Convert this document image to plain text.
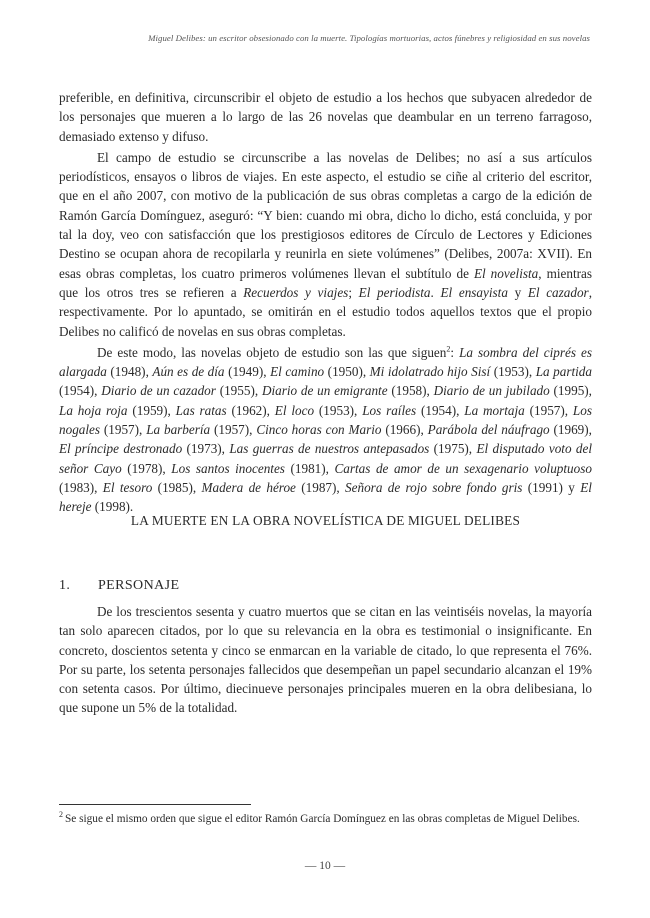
Miguel Delibes: un escritor obsesionado con la muerte. Tipologías mortuorias, actos fúnebres y religiosidad en sus novelas

preferible, en definitiva, circunscribir el objeto de estudio a los hechos que subyacen alrededor de los personajes que mueren a lo largo de las 26 novelas que deambular en un terreno farragoso, demasiado extenso y difuso.

El campo de estudio se circunscribe a las novelas de Delibes; no así a sus artículos periodísticos, ensayos o libros de viajes. En este aspecto, el estudio se ciñe al criterio del escritor, que en el año 2007, con motivo de la publicación de sus obras completas a cargo de la edición de Ramón García Domínguez, aseguró: “Y bien: cuando mi obra, dicho lo dicho, está concluida, y por tal la doy, veo con satisfacción que los prestigiosos editores de Círculo de Lectores y Ediciones Destino se ocupan ahora de recopilarla y reunirla en siete volúmenes” (Delibes, 2007a: XVII). En esas obras completas, los cuatro primeros volúmenes llevan el subtítulo de El novelista, mientras que los otros tres se refieren a Recuerdos y viajes; El periodista. El ensayista y El cazador, respectivamente. Por lo apuntado, se omitirán en el estudio todos aquellos textos que el propio Delibes no calificó de novelas en sus obras completas.

De este modo, las novelas objeto de estudio son las que siguen$^2$: La sombra del ciprés es alargada (1948), Aún es de día (1949), El camino (1950), Mi idolatrado hijo Sisí (1953), La partida (1954), Diario de un cazador (1955), Diario de un emigrante (1958), Diario de un jubilado (1995), La hoja roja (1959), Las ratas (1962), El loco (1953), Los raíles (1954), La mortaja (1957), Los nogales (1957), La barbería (1957), Cinco horas con Mario (1966), Parábola del náufrago (1969), El príncipe destronado (1973), Las guerras de nuestros antepasados (1975), El disputado voto del señor Cayo (1978), Los santos inocentes (1981), Cartas de amor de un sexagenario voluptuoso (1983), El tesoro (1985), Madera de héroe (1987), Señora de rojo sobre fondo gris (1991) y El hereje (1998).

LA MUERTE EN LA OBRA NOVELÍSTICA DE MIGUEL DELIBES
1. PERSONAJE

De los trescientos sesenta y cuatro muertos que se citan en las veintiséis novelas, la mayoría tan solo aparecen citados, por lo que su relevancia en la obra es testimonial o insignificante. En concreto, doscientos setenta y cinco se enmarcan en la variable de citado, lo que representa el 76%. Por su parte, los setenta personajes fallecidos que desempeñan un papel secundario alcanzan el 19% con setenta casos. Por último, diecinueve personajes principales mueren en la obra delibesiana, lo que supone un 5% de la totalidad.

$^2$ Se sigue el mismo orden que sigue el editor Ramón García Domínguez en las obras completas de Miguel Delibes.
— 10 —
